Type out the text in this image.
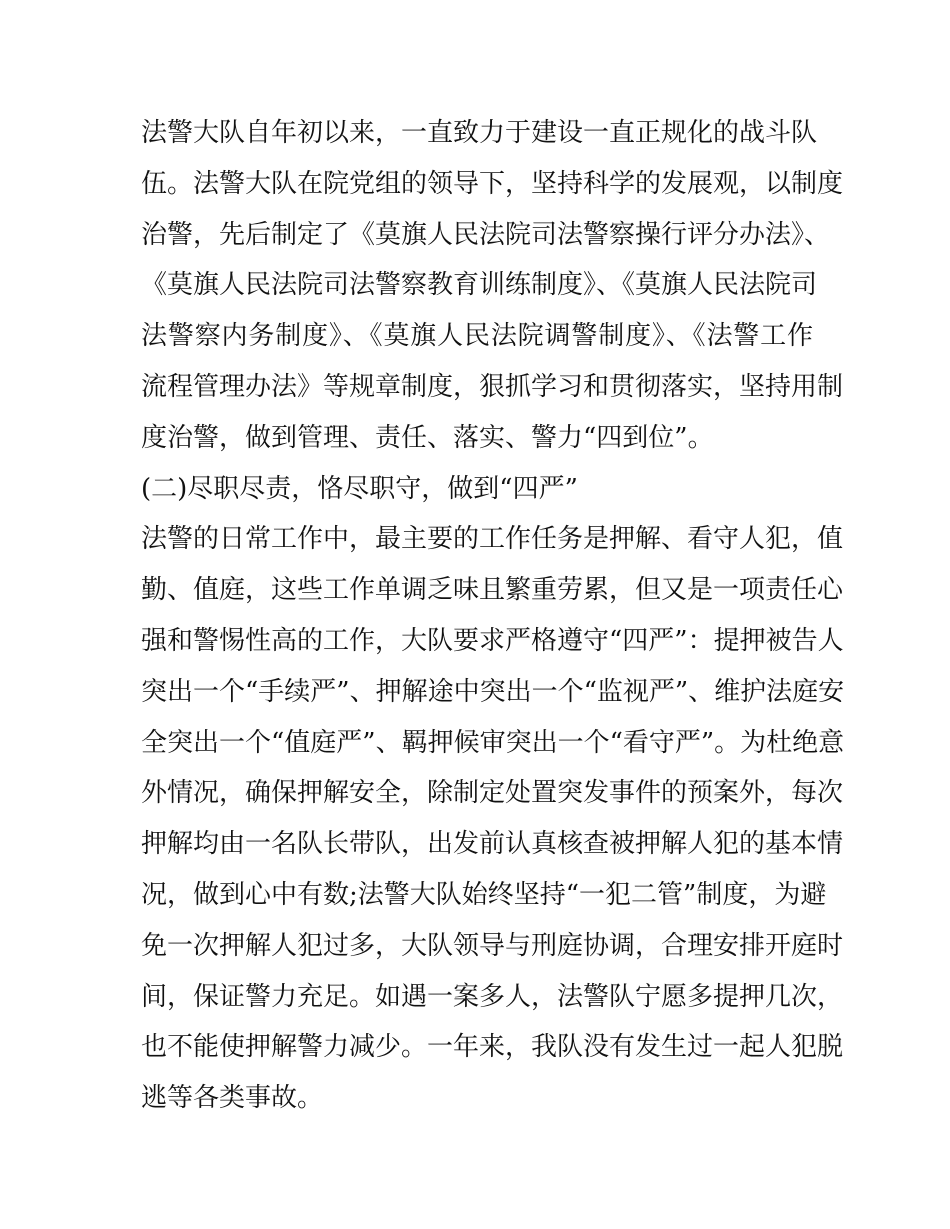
法警大队自年初以来，一直致力于建设一直正规化的战斗队
伍。法警大队在院党组的领导下，坚持科学的发展观，以制度
治警，先后制定了《莫旗人民法院司法警察操行评分办法》、
《莫旗人民法院司法警察教育训练制度》、《莫旗人民法院司
法警察内务制度》、《莫旗人民法院调警制度》、《法警工作
流程管理办法》等规章制度，狠抓学习和贯彻落实，坚持用制
度治警，做到管理、责任、落实、警力“四到位”。
(二)尽职尽责，恪尽职守，做到“四严”
法警的日常工作中，最主要的工作任务是押解、看守人犯，值
勤、值庭，这些工作单调乏味且繁重劳累，但又是一项责任心
强和警惕性高的工作，大队要求严格遵守“四严”：提押被告人
突出一个“手续严”、押解途中突出一个“监视严”、维护法庭安
全突出一个“值庭严”、羁押候审突出一个“看守严”。为杜绝意
外情况，确保押解安全，除制定处置突发事件的预案外，每次
押解均由一名队长带队，出发前认真核查被押解人犯的基本情
况，做到心中有数;法警大队始终坚持“一犯二管”制度，为避
免一次押解人犯过多，大队领导与刑庭协调，合理安排开庭时
间，保证警力充足。如遇一案多人，法警队宁愿多提押几次，
也不能使押解警力减少。一年来，我队没有发生过一起人犯脱
逃等各类事故。
